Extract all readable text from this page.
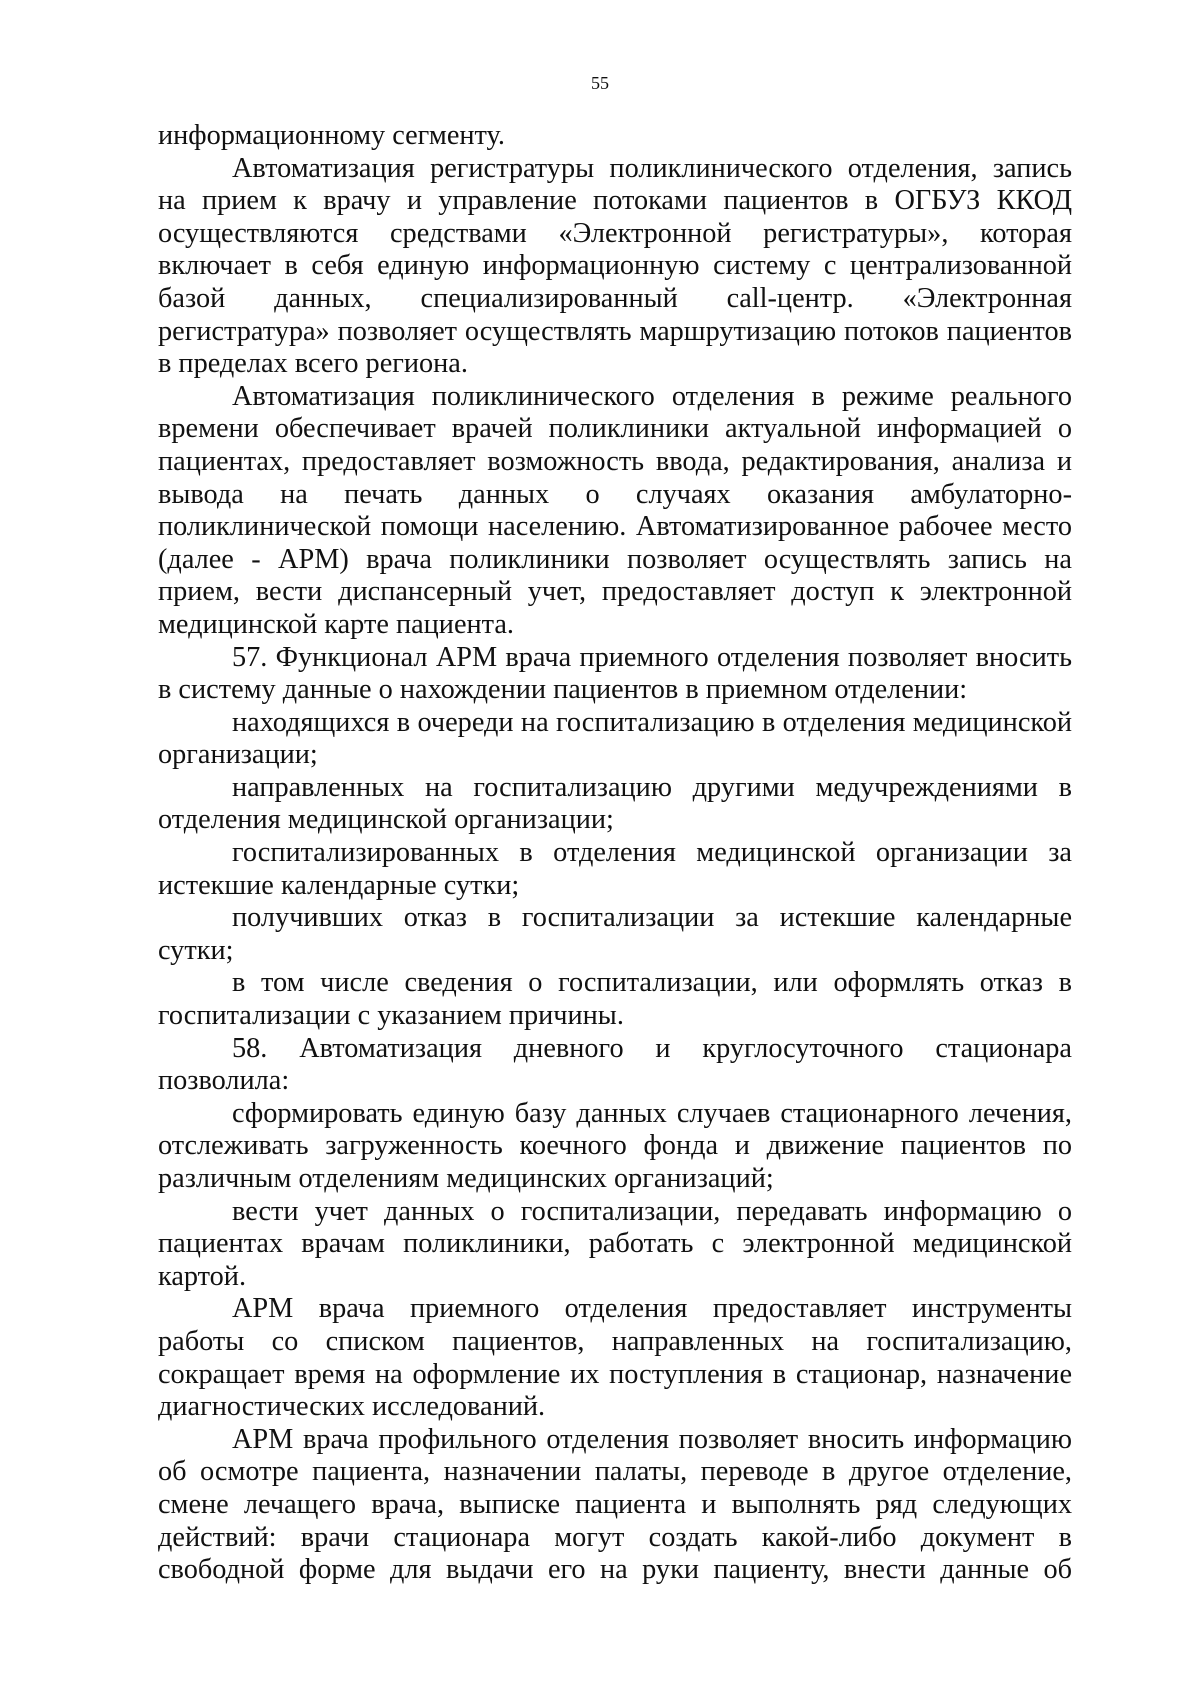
55

информационному сегменту.

Автоматизация регистратуры поликлинического отделения, запись на прием к врачу и управление потоками пациентов в ОГБУЗ ККОД осуществляются средствами «Электронной регистратуры», которая включает в себя единую информационную систему с централизованной базой данных, специализированный call-центр. «Электронная регистратура» позволяет осуществлять маршрутизацию потоков пациентов в пределах всего региона.

Автоматизация поликлинического отделения в режиме реального времени обеспечивает врачей поликлиники актуальной информацией о пациентах, предоставляет возможность ввода, редактирования, анализа и вывода на печать данных о случаях оказания амбулаторно-поликлинической помощи населению. Автоматизированное рабочее место (далее - АРМ) врача поликлиники позволяет осуществлять запись на прием, вести диспансерный учет, предоставляет доступ к электронной медицинской карте пациента.

57. Функционал АРМ врача приемного отделения позволяет вносить в систему данные о нахождении пациентов в приемном отделении:

находящихся в очереди на госпитализацию в отделения медицинской организации;

направленных на госпитализацию другими медучреждениями в отделения медицинской организации;

госпитализированных в отделения медицинской организации за истекшие календарные сутки;

получивших отказ в госпитализации за истекшие календарные сутки;

в том числе сведения о госпитализации, или оформлять отказ в госпитализации с указанием причины.

58. Автоматизация дневного и круглосуточного стационара позволила:

сформировать единую базу данных случаев стационарного лечения, отслеживать загруженность коечного фонда и движение пациентов по различным отделениям медицинских организаций;

вести учет данных о госпитализации, передавать информацию о пациентах врачам поликлиники, работать с электронной медицинской картой.

АРМ врача приемного отделения предоставляет инструменты работы со списком пациентов, направленных на госпитализацию, сокращает время на оформление их поступления в стационар, назначение диагностических исследований.

АРМ врача профильного отделения позволяет вносить информацию об осмотре пациента, назначении палаты, переводе в другое отделение, смене лечащего врача, выписке пациента и выполнять ряд следующих действий: врачи стационара могут создать какой-либо документ в свободной форме для выдачи его на руки пациенту, внести данные об
